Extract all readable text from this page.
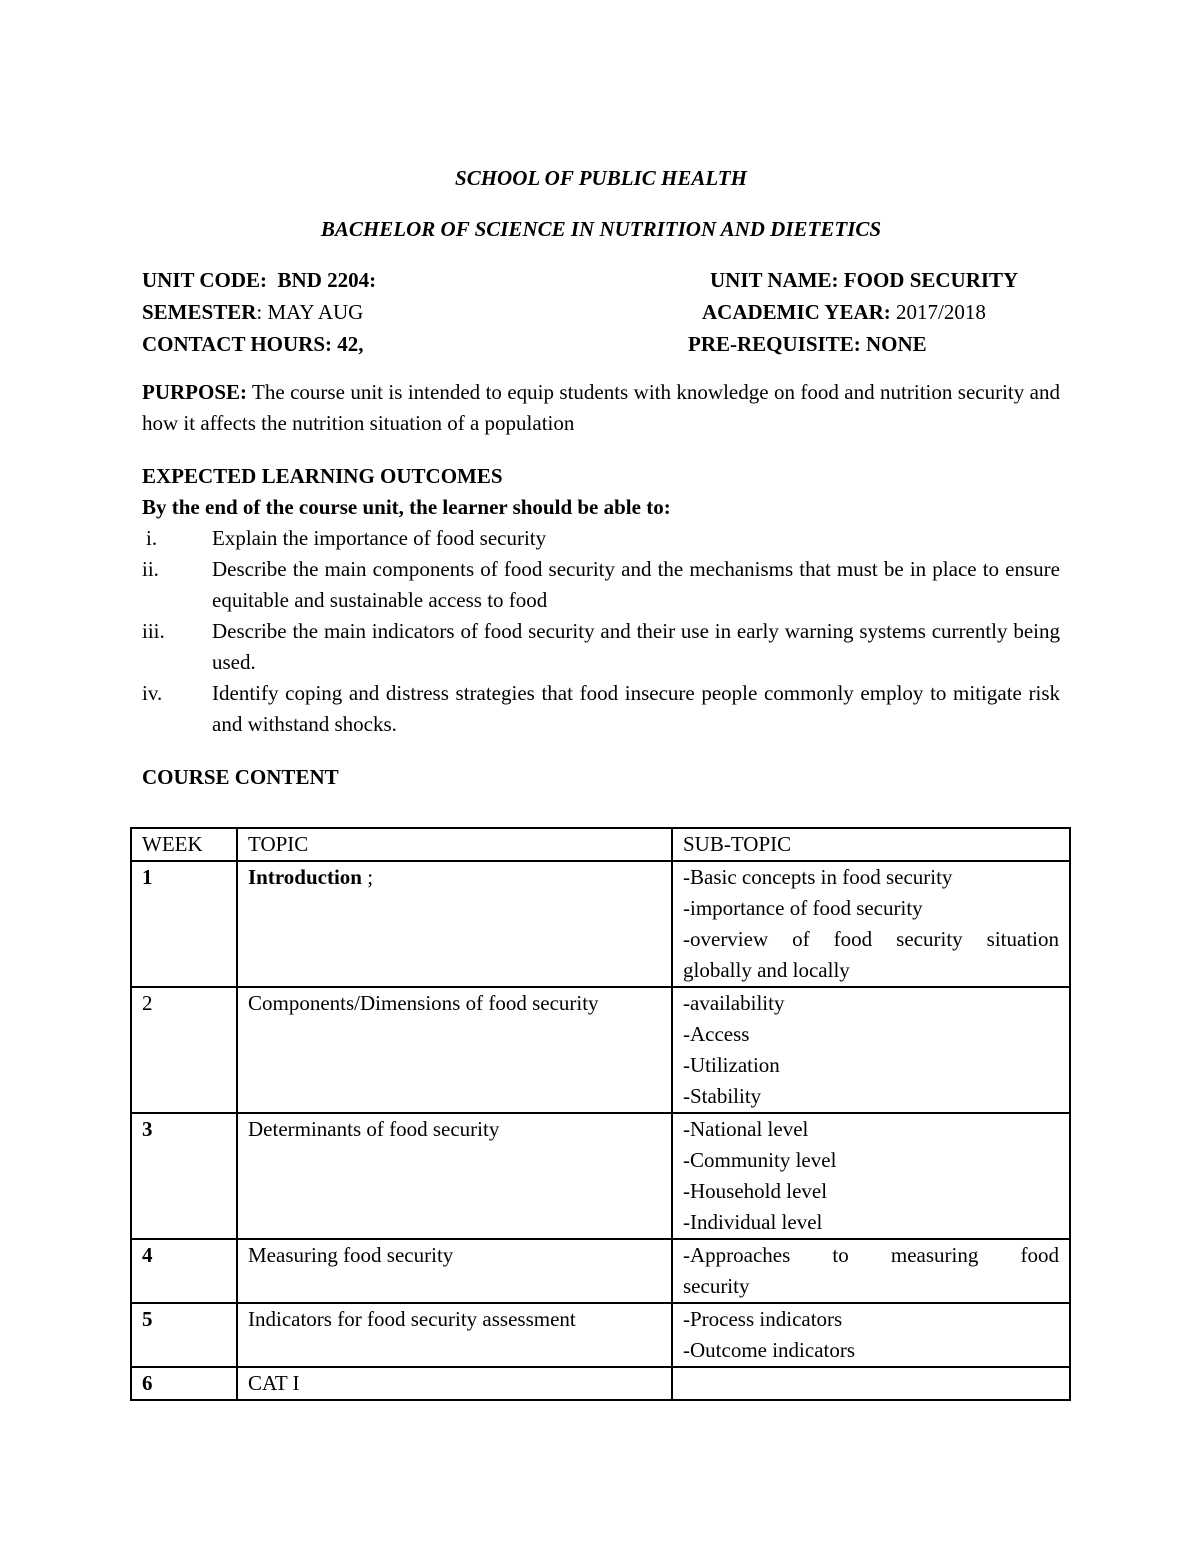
SCHOOL OF PUBLIC HEALTH
BACHELOR OF SCIENCE IN NUTRITION AND DIETETICS
UNIT CODE: BND 2204:	UNIT NAME: FOOD SECURITY
SEMESTER: MAY AUG	ACADEMIC YEAR: 2017/2018
CONTACT HOURS: 42,	PRE-REQUISITE: NONE
PURPOSE: The course unit is intended to equip students with knowledge on food and nutrition security and how it affects the nutrition situation of a population
EXPECTED LEARNING OUTCOMES
By the end of the course unit, the learner should be able to:
i.	Explain the importance of food security
ii.	Describe the main components of food security and the mechanisms that must be in place to ensure equitable and sustainable access to food
iii.	Describe the main indicators of food security and their use in early warning systems currently being used.
iv.	Identify coping and distress strategies that food insecure people commonly employ to mitigate risk and withstand shocks.
COURSE CONTENT
WEEK	TOPIC	SUB-TOPIC
1	Introduction ;	-Basic concepts in food security
-importance of food security
-overview of food security situation
globally and locally

2	Components/Dimensions of food security	-availability
-Access
-Utilization
-Stability

3	Determinants of food security	-National level
-Community level
-Household level
-Individual level

4	Measuring food security	-Approaches to measuring food
security

5	Indicators for food security assessment	-Process indicators
-Outcome indicators

6	CAT I	
